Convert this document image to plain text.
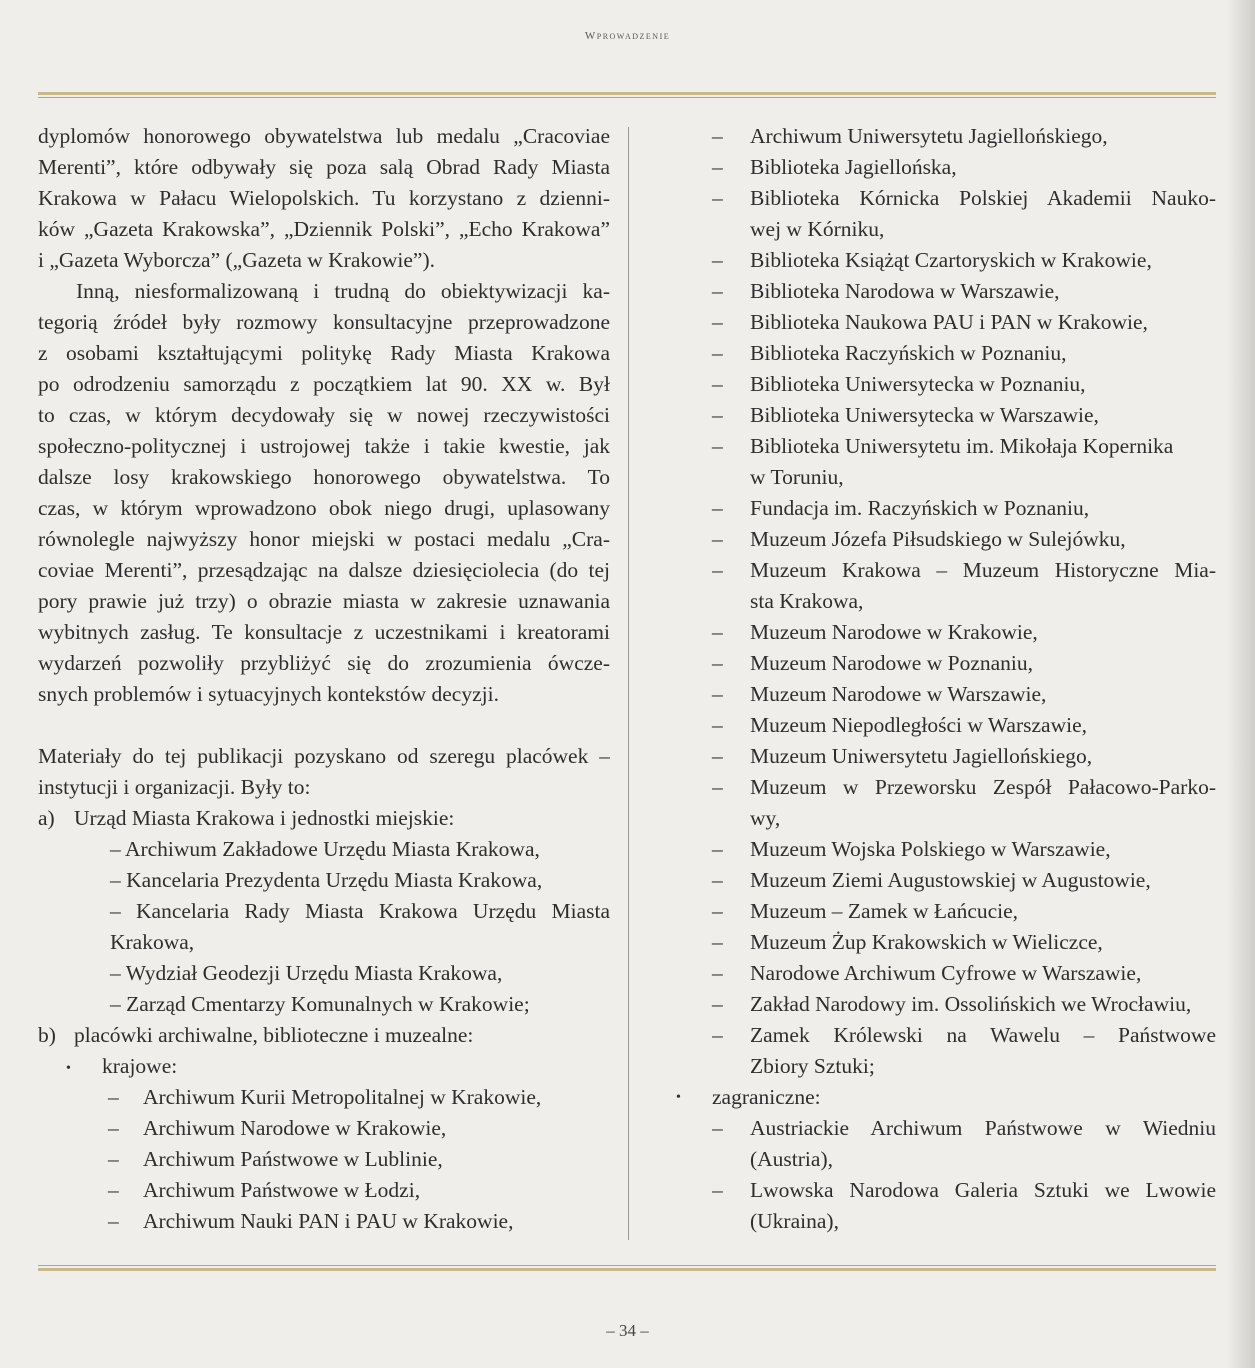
Wprowadzenie
dyplomów honorowego obywatelstwa lub medalu „Cracoviae
Merenti”, które odbywały się poza salą Obrad Rady Miasta
Krakowa w Pałacu Wielopolskich. Tu korzystano z dzienni-
ków „Gazeta Krakowska”, „Dziennik Polski”, „Echo Krakowa”
i „Gazeta Wyborcza” („Gazeta w Krakowie”).
Inną, niesformalizowaną i trudną do obiektywizacji ka-
tegorią źródeł były rozmowy konsultacyjne przeprowadzone
z osobami kształtującymi politykę Rady Miasta Krakowa
po odrodzeniu samorządu z początkiem lat 90. XX w. Był
to czas, w którym decydowały się w nowej rzeczywistości
społeczno-politycznej i ustrojowej także i takie kwestie, jak
dalsze losy krakowskiego honorowego obywatelstwa. To
czas, w którym wprowadzono obok niego drugi, uplasowany
równolegle najwyższy honor miejski w postaci medalu „Cra-
coviae Merenti”, przesądzając na dalsze dziesięciolecia (do tej
pory prawie już trzy) o obrazie miasta w zakresie uznawania
wybitnych zasług. Te konsultacje z uczestnikami i kreatorami
wydarzeń pozwoliły przybliżyć się do zrozumienia ówcze-
snych problemów i sytuacyjnych kontekstów decyzji.
Materiały do tej publikacji pozyskano od szeregu placówek –
instytucji i organizacji. Były to:
a) Urząd Miasta Krakowa i jednostki miejskie:
– Archiwum Zakładowe Urzędu Miasta Krakowa,
– Kancelaria Prezydenta Urzędu Miasta Krakowa,
– Kancelaria Rady Miasta Krakowa Urzędu Miasta
Krakowa,
– Wydział Geodezji Urzędu Miasta Krakowa,
– Zarząd Cmentarzy Komunalnych w Krakowie;
b) placówki archiwalne, biblioteczne i muzealne:
• krajowe:
– Archiwum Kurii Metropolitalnej w Krakowie,
– Archiwum Narodowe w Krakowie,
– Archiwum Państwowe w Lublinie,
– Archiwum Państwowe w Łodzi,
– Archiwum Nauki PAN i PAU w Krakowie,
– Archiwum Uniwersytetu Jagiellońskiego,
– Biblioteka Jagiellońska,
– Biblioteka Kórnicka Polskiej Akademii Nauko-
wej w Kórniku,
– Biblioteka Książąt Czartoryskich w Krakowie,
– Biblioteka Narodowa w Warszawie,
– Biblioteka Naukowa PAU i PAN w Krakowie,
– Biblioteka Raczyńskich w Poznaniu,
– Biblioteka Uniwersytecka w Poznaniu,
– Biblioteka Uniwersytecka w Warszawie,
– Biblioteka Uniwersytetu im. Mikołaja Kopernika
w Toruniu,
– Fundacja im. Raczyńskich w Poznaniu,
– Muzeum Józefa Piłsudskiego w Sulejówku,
– Muzeum Krakowa – Muzeum Historyczne Mia-
sta Krakowa,
– Muzeum Narodowe w Krakowie,
– Muzeum Narodowe w Poznaniu,
– Muzeum Narodowe w Warszawie,
– Muzeum Niepodległości w Warszawie,
– Muzeum Uniwersytetu Jagiellońskiego,
– Muzeum w Przeworsku Zespół Pałacowo-Parko-
wy,
– Muzeum Wojska Polskiego w Warszawie,
– Muzeum Ziemi Augustowskiej w Augustowie,
– Muzeum – Zamek w Łańcucie,
– Muzeum Żup Krakowskich w Wieliczce,
– Narodowe Archiwum Cyfrowe w Warszawie,
– Zakład Narodowy im. Ossolińskich we Wrocławiu,
– Zamek Królewski na Wawelu – Państwowe
Zbiory Sztuki;
• zagraniczne:
– Austriackie Archiwum Państwowe w Wiedniu
(Austria),
– Lwowska Narodowa Galeria Sztuki we Lwowie
(Ukraina),
– 34 –
